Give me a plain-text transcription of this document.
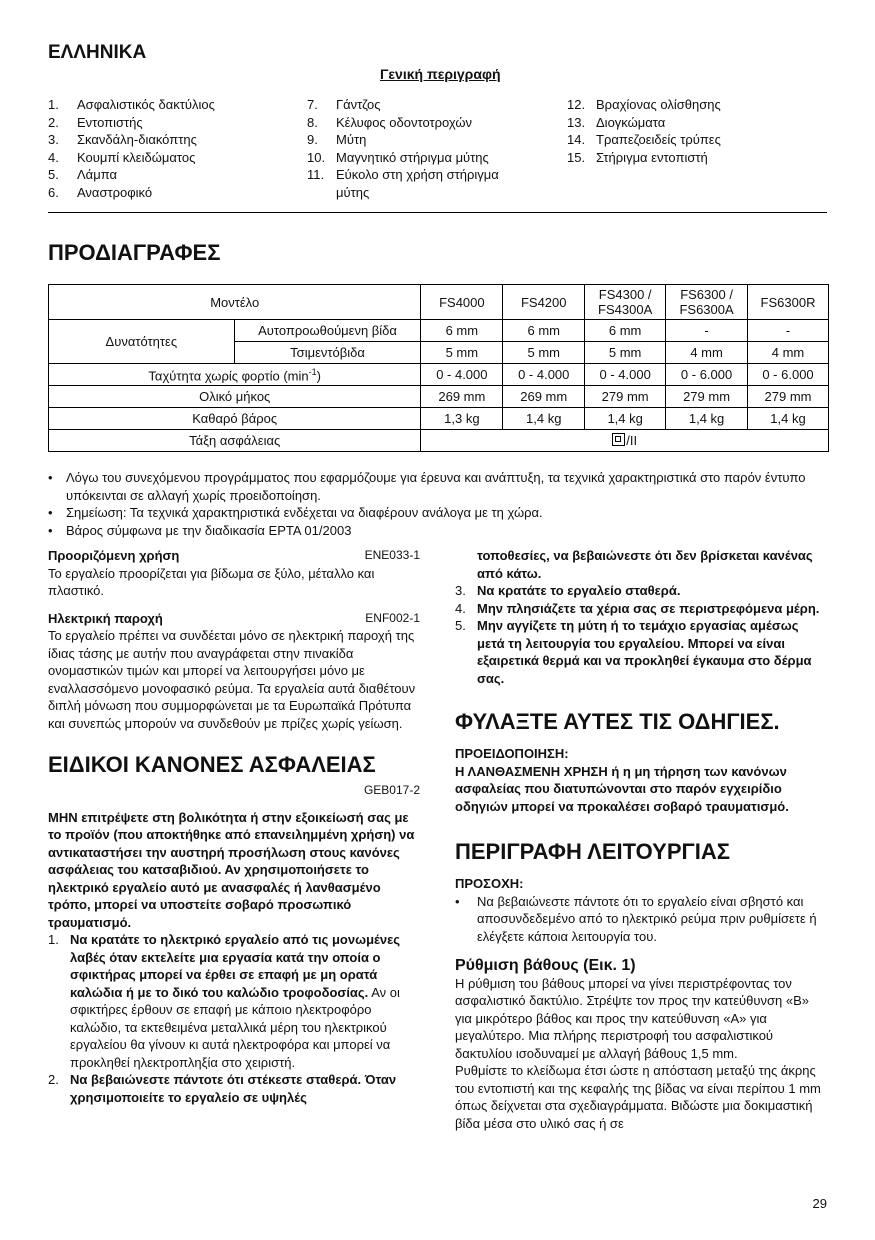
ΕΛΛΗΝΙΚΑ
Γενική περιγραφή
1.	Ασφαλιστικός δακτύλιος
2.	Εντοπιστής
3.	Σκανδάλη-διακόπτης
4.	Κουμπί κλειδώματος
5.	Λάμπα
6.	Αναστροφικό
7.	Γάντζος
8.	Κέλυφος οδοντοτροχών
9.	Μύτη
10. Μαγνητικό στήριγμα μύτης
11. Εύκολο στη χρήση στήριγμα μύτης
12. Βραχίονας ολίσθησης
13. Διογκώματα
14. Τραπεζοειδείς τρύπες
15. Στήριγμα εντοπιστή
ΠΡΟΔΙΑΓΡΑΦΕΣ
Μοντέλο		FS4000	FS4200	FS4300 / FS4300A	FS6300 / FS6300A	FS6300R
Δυνατότητες	Αυτοπροωθούμενη βίδα	6 mm	6 mm	6 mm	-	-
	Τσιμεντόβιδα	5 mm	5 mm	5 mm	4 mm	4 mm
Ταχύτητα χωρίς φορτίο $(\min^{-1})$		0 - 4.000	0 - 4.000	0 - 4.000	0 - 6.000	0 - 6.000
Ολικό μήκος		269 mm	269 mm	279 mm	279 mm	279 mm
Καθαρό βάρος		1,3 kg	1,4 kg	1,4 kg	1,4 kg	1,4 kg
Τάξη ασφάλειας		/II				
•	Λόγω του συνεχόμενου προγράμματος που εφαρμόζουμε για έρευνα και ανάπτυξη, τα τεχνικά χαρακτηριστικά στο παρόν έντυπο υπόκεινται σε αλλαγή χωρίς προειδοποίηση.
•	Σημείωση: Τα τεχνικά χαρακτηριστικά ενδέχεται να διαφέρουν ανάλογα με τη χώρα.
•	Βάρος σύμφωνα με την διαδικασία EPTA 01/2003
Προοριζόμενη χρήση	ENE033-1
Το εργαλείο προορίζεται για βίδωμα σε ξύλο, μέταλλο και πλαστικό.
Ηλεκτρική παροχή	ENF002-1
Το εργαλείο πρέπει να συνδέεται μόνο σε ηλεκτρική παροχή της ίδιας τάσης με αυτήν που αναγράφεται στην πινακίδα ονομαστικών τιμών και μπορεί να λειτουργήσει μόνο με εναλλασσόμενο μονοφασικό ρεύμα. Τα εργαλεία αυτά διαθέτουν διπλή μόνωση που συμμορφώνεται με τα Ευρωπαϊκά Πρότυπα και συνεπώς μπορούν να συνδεθούν με πρίζες χωρίς γείωση.
ΕΙΔΙΚΟΙ ΚΑΝΟΝΕΣ ΑΣΦΑΛΕΙΑΣ
GEB017-2
ΜΗΝ επιτρέψετε στη βολικότητα ή στην εξοικείωσή σας με το προϊόν (που αποκτήθηκε από επανειλημμένη χρήση) να αντικαταστήσει την αυστηρή προσήλωση στους κανόνες ασφάλειας του κατσαβιδιού. Αν χρησιμοποιήσετε το ηλεκτρικό εργαλείο αυτό με ανασφαλές ή λανθασμένο τρόπο, μπορεί να υποστείτε σοβαρό προσωπικό τραυματισμό.
1. Να κρατάτε το ηλεκτρικό εργαλείο από τις μονωμένες λαβές όταν εκτελείτε μια εργασία κατά την οποία ο σφικτήρας μπορεί να έρθει σε επαφή με μη ορατά καλώδια ή με το δικό του καλώδιο τροφοδοσίας. Αν οι σφικτήρες έρθουν σε επαφή με κάποιο ηλεκτροφόρο καλώδιο, τα εκτεθειμένα μεταλλικά μέρη του ηλεκτρικού εργαλείου θα γίνουν κι αυτά ηλεκτροφόρα και μπορεί να προκληθεί ηλεκτροπληξία στο χειριστή.
2. Να βεβαιώνεστε πάντοτε ότι στέκεστε σταθερά. Όταν χρησιμοποιείτε το εργαλείο σε υψηλές
τοποθεσίες, να βεβαιώνεστε ότι δεν βρίσκεται κανένας από κάτω.
3. Να κρατάτε το εργαλείο σταθερά.
4. Μην πλησιάζετε τα χέρια σας σε περιστρεφόμενα μέρη.
5. Μην αγγίζετε τη μύτη ή το τεμάχιο εργασίας αμέσως μετά τη λειτουργία του εργαλείου. Μπορεί να είναι εξαιρετικά θερμά και να προκληθεί έγκαυμα στο δέρμα σας.
ΦΥΛΑΞΤΕ ΑΥΤΕΣ ΤΙΣ ΟΔΗΓΙΕΣ.
ΠΡΟΕΙΔΟΠΟΙΗΣΗ:
Η ΛΑΝΘΑΣΜΕΝΗ ΧΡΗΣΗ ή η μη τήρηση των κανόνων ασφαλείας που διατυπώνονται στο παρόν εγχειρίδιο οδηγιών μπορεί να προκαλέσει σοβαρό τραυματισμό.
ΠΕΡΙΓΡΑΦΗ ΛΕΙΤΟΥΡΓΙΑΣ
ΠΡΟΣΟΧΗ:
•	Να βεβαιώνεστε πάντοτε ότι το εργαλείο είναι σβηστό και αποσυνδεδεμένο από το ηλεκτρικό ρεύμα πριν ρυθμίσετε ή ελέγξετε κάποια λειτουργία του.
Ρύθμιση βάθους (Εικ. 1)
Η ρύθμιση του βάθους μπορεί να γίνει περιστρέφοντας τον ασφαλιστικό δακτύλιο. Στρέψτε τον προς την κατεύθυνση «B» για μικρότερο βάθος και προς την κατεύθυνση «A» για μεγαλύτερο. Μια πλήρης περιστροφή του ασφαλιστικού δακτυλίου ισοδυναμεί με αλλαγή βάθους 1,5 mm.
Ρυθμίστε το κλείδωμα έτσι ώστε η απόσταση μεταξύ της άκρης του εντοπιστή και της κεφαλής της βίδας να είναι περίπου 1 mm όπως δείχνεται στα σχεδιαγράμματα. Βιδώστε μια δοκιμαστική βίδα μέσα στο υλικό σας ή σε
29
